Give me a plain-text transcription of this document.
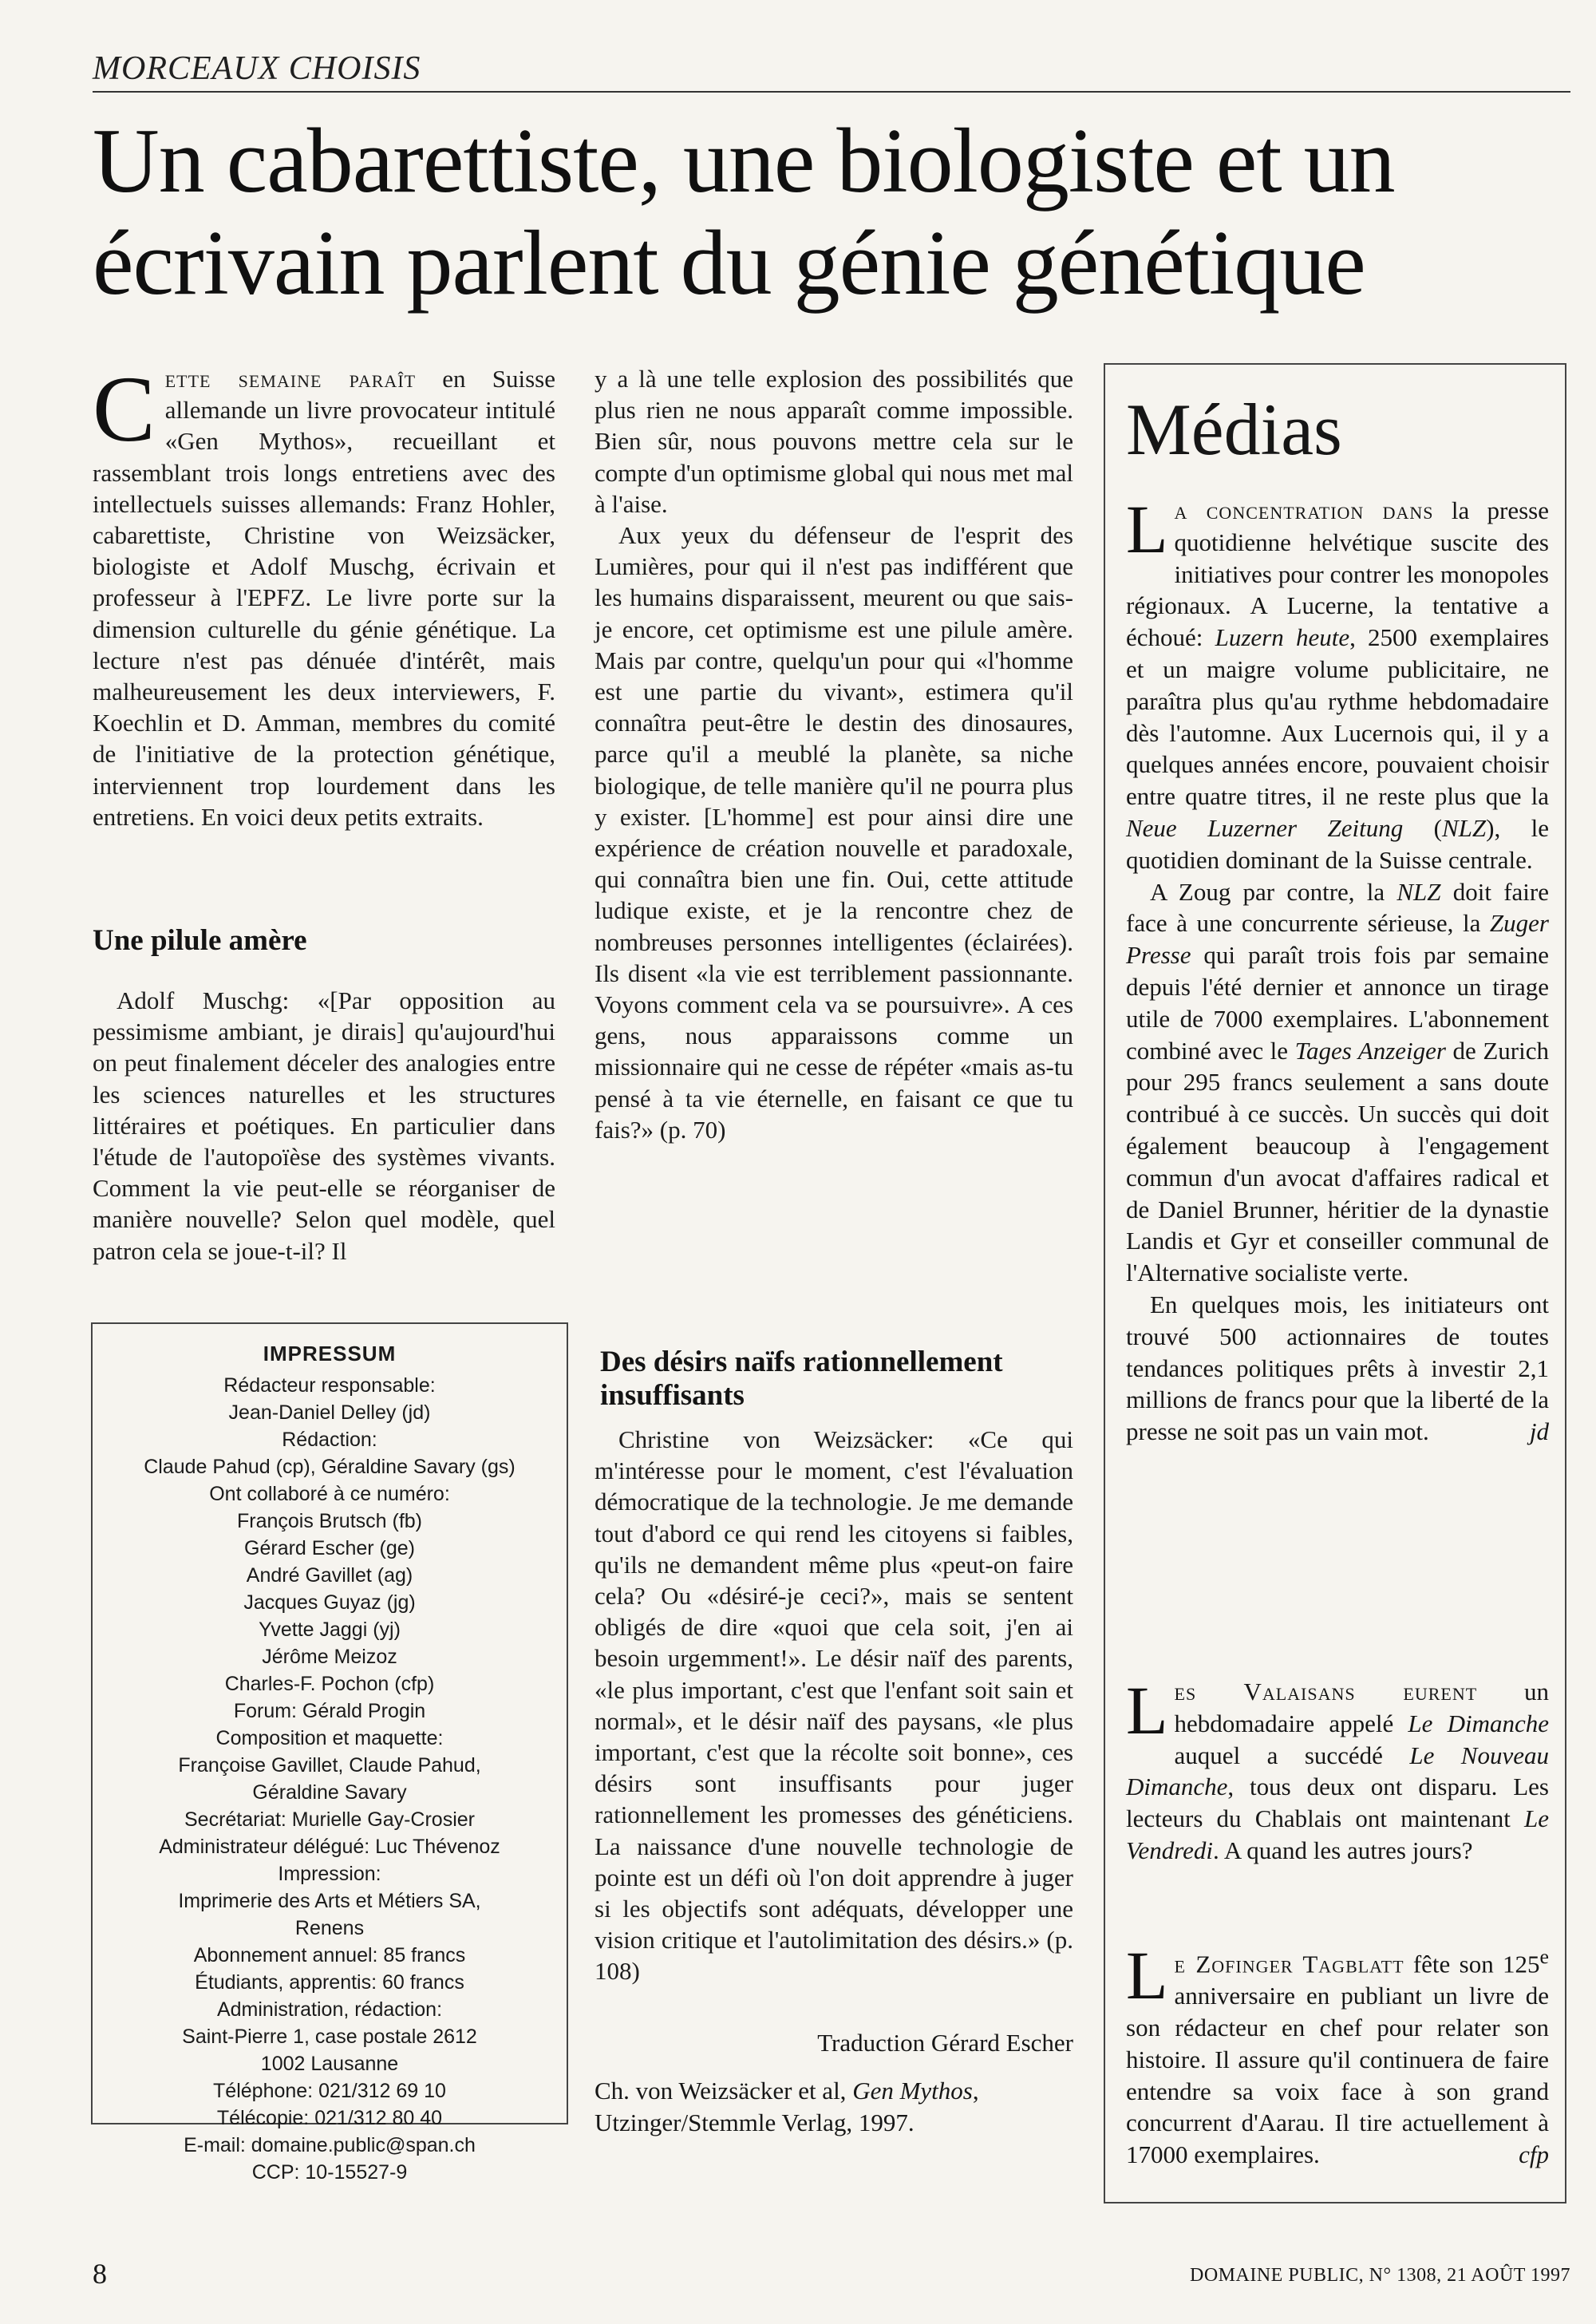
MORCEAUX CHOISIS
Un cabarettiste, une biologiste et un écrivain parlent du génie génétique

Cette semaine paraît en Suisse allemande un livre provocateur intitulé «Gen Mythos», recueillant et rassemblant trois longs entretiens avec des intellectuels suisses allemands: Franz Hohler, cabarettiste, Christine von Weizsäcker, biologiste et Adolf Muschg, écrivain et professeur à l'EPFZ. Le livre porte sur la dimension culturelle du génie génétique. La lecture n'est pas dénuée d'intérêt, mais malheureusement les deux interviewers, F. Koechlin et D. Amman, membres du comité de l'initiative de la protection génétique, interviennent trop lourdement dans les entretiens. En voici deux petits extraits.

Une pilule amère

Adolf Muschg: «[Par opposition au pessimisme ambiant, je dirais] qu'aujourd'hui on peut finalement déceler des analogies entre les sciences naturelles et les structures littéraires et poétiques. En particulier dans l'étude de l'autopoïèse des systèmes vivants. Comment la vie peut-elle se réorganiser de manière nouvelle? Selon quel modèle, quel patron cela se joue-t-il? Il

y a là une telle explosion des possibilités que plus rien ne nous apparaît comme impossible. Bien sûr, nous pouvons mettre cela sur le compte d'un optimisme global qui nous met mal à l'aise.

Aux yeux du défenseur de l'esprit des Lumières, pour qui il n'est pas indifférent que les humains disparaissent, meurent ou que sais-je encore, cet optimisme est une pilule amère. Mais par contre, quelqu'un pour qui «l'homme est une partie du vivant», estimera qu'il connaîtra peut-être le destin des dinosaures, parce qu'il a meublé la planète, sa niche biologique, de telle manière qu'il ne pourra plus y exister. [L'homme] est pour ainsi dire une expérience de création nouvelle et paradoxale, qui connaîtra bien une fin. Oui, cette attitude ludique existe, et je la rencontre chez de nombreuses personnes intelligentes (éclairées). Ils disent «la vie est terriblement passionnante. Voyons comment cela va se poursuivre». A ces gens, nous apparaissons comme un missionnaire qui ne cesse de répéter «mais as-tu pensé à ta vie éternelle, en faisant ce que tu fais?» (p. 70)

Des désirs naïfs rationnellement insuffisants

Christine von Weizsäcker: «Ce qui m'intéresse pour le moment, c'est l'évaluation démocratique de la technologie. Je me demande tout d'abord ce qui rend les citoyens si faibles, qu'ils ne demandent même plus «peut-on faire cela? Ou «désiré-je ceci?», mais se sentent obligés de dire «quoi que cela soit, j'en ai besoin urgemment!». Le désir naïf des parents, «le plus important, c'est que l'enfant soit sain et normal», et le désir naïf des paysans, «le plus important, c'est que la récolte soit bonne», ces désirs sont insuffisants pour juger rationnellement les promesses des généticiens. La naissance d'une nouvelle technologie de pointe est un défi où l'on doit apprendre à juger si les objectifs sont adéquats, développer une vision critique et l'autolimitation des désirs.» (p. 108)

Traduction Gérard Escher
Ch. von Weizsäcker et al, Gen Mythos, Utzinger/Stemmle Verlag, 1997.
IMPRESSUM
Rédacteur responsable:
Jean-Daniel Delley (jd)
Rédaction:
Claude Pahud (cp), Géraldine Savary (gs)
Ont collaboré à ce numéro:
François Brutsch (fb)
Gérard Escher (ge)
André Gavillet (ag)
Jacques Guyaz (jg)
Yvette Jaggi (yj)
Jérôme Meizoz
Charles-F. Pochon (cfp)
Forum: Gérald Progin
Composition et maquette:
Françoise Gavillet, Claude Pahud,
Géraldine Savary
Secrétariat: Murielle Gay-Crosier
Administrateur délégué: Luc Thévenoz
Impression:
Imprimerie des Arts et Métiers SA,
Renens
Abonnement annuel: 85 francs
Étudiants, apprentis: 60 francs
Administration, rédaction:
Saint-Pierre 1, case postale 2612
1002 Lausanne
Téléphone: 021/312 69 10
Télécopie: 021/312 80 40
E-mail: domaine.public@span.ch
CCP: 10-15527-9
Médias

La concentration dans la presse quotidienne helvétique suscite des initiatives pour contrer les monopoles régionaux. A Lucerne, la tentative a échoué: Luzern heute, 2500 exemplaires et un maigre volume publicitaire, ne paraîtra plus qu'au rythme hebdomadaire dès l'automne. Aux Lucernois qui, il y a quelques années encore, pouvaient choisir entre quatre titres, il ne reste plus que la Neue Luzerner Zeitung (NLZ), le quotidien dominant de la Suisse centrale.

A Zoug par contre, la NLZ doit faire face à une concurrente sérieuse, la Zuger Presse qui paraît trois fois par semaine depuis l'été dernier et annonce un tirage utile de 7000 exemplaires. L'abonnement combiné avec le Tages Anzeiger de Zurich pour 295 francs seulement a sans doute contribué à ce succès. Un succès qui doit également beaucoup à l'engagement commun d'un avocat d'affaires radical et de Daniel Brunner, héritier de la dynastie Landis et Gyr et conseiller communal de l'Alternative socialiste verte.

En quelques mois, les initiateurs ont trouvé 500 actionnaires de toutes tendances politiques prêts à investir 2,1 millions de francs pour que la liberté de la presse ne soit pas un vain mot.	jd

Les Valaisans eurent un hebdomadaire appelé Le Dimanche auquel a succédé Le Nouveau Dimanche, tous deux ont disparu. Les lecteurs du Chablais ont maintenant Le Vendredi. A quand les autres jours?

Le Zofinger Tagblatt fête son 125e anniversaire en publiant un livre de son rédacteur en chef pour relater son histoire. Il assure qu'il continuera de faire entendre sa voix face à son grand concurrent d'Aarau. Il tire actuellement à 17000 exemplaires.	cfp

8	DOMAINE PUBLIC, N° 1308, 21 AOÛT 1997
